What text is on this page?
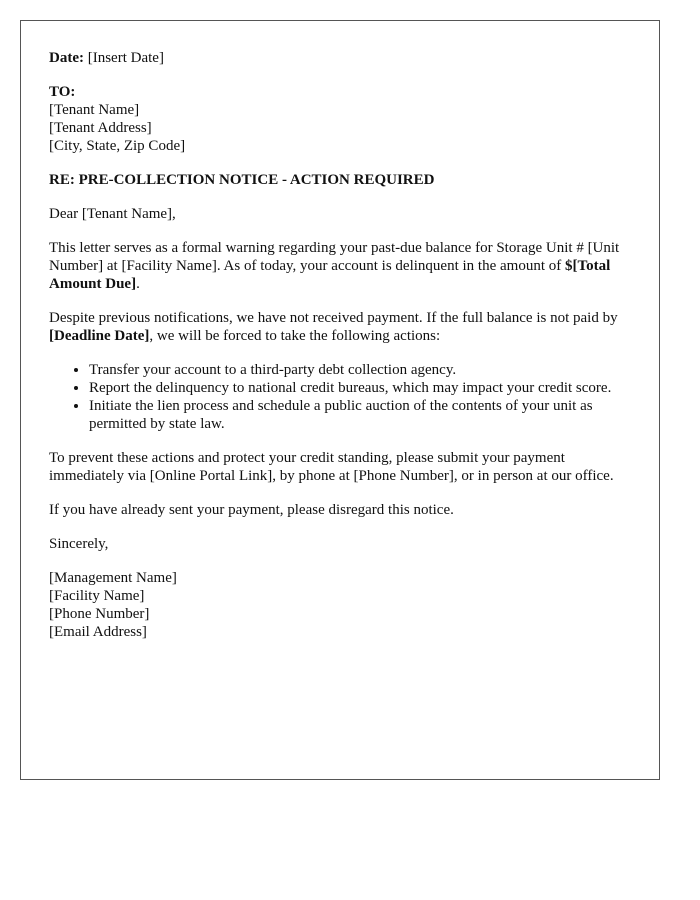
Date: [Insert Date]

TO:
[Tenant Name]
[Tenant Address]
[City, State, Zip Code]

RE: PRE-COLLECTION NOTICE - ACTION REQUIRED

Dear [Tenant Name],

This letter serves as a formal warning regarding your past-due balance for Storage Unit # [Unit Number] at [Facility Name]. As of today, your account is delinquent in the amount of $[Total Amount Due].

Despite previous notifications, we have not received payment. If the full balance is not paid by [Deadline Date], we will be forced to take the following actions:

• Transfer your account to a third-party debt collection agency.
• Report the delinquency to national credit bureaus, which may impact your credit score.
• Initiate the lien process and schedule a public auction of the contents of your unit as permitted by state law.

To prevent these actions and protect your credit standing, please submit your payment immediately via [Online Portal Link], by phone at [Phone Number], or in person at our office.

If you have already sent your payment, please disregard this notice.

Sincerely,

[Management Name]
[Facility Name]
[Phone Number]
[Email Address]
